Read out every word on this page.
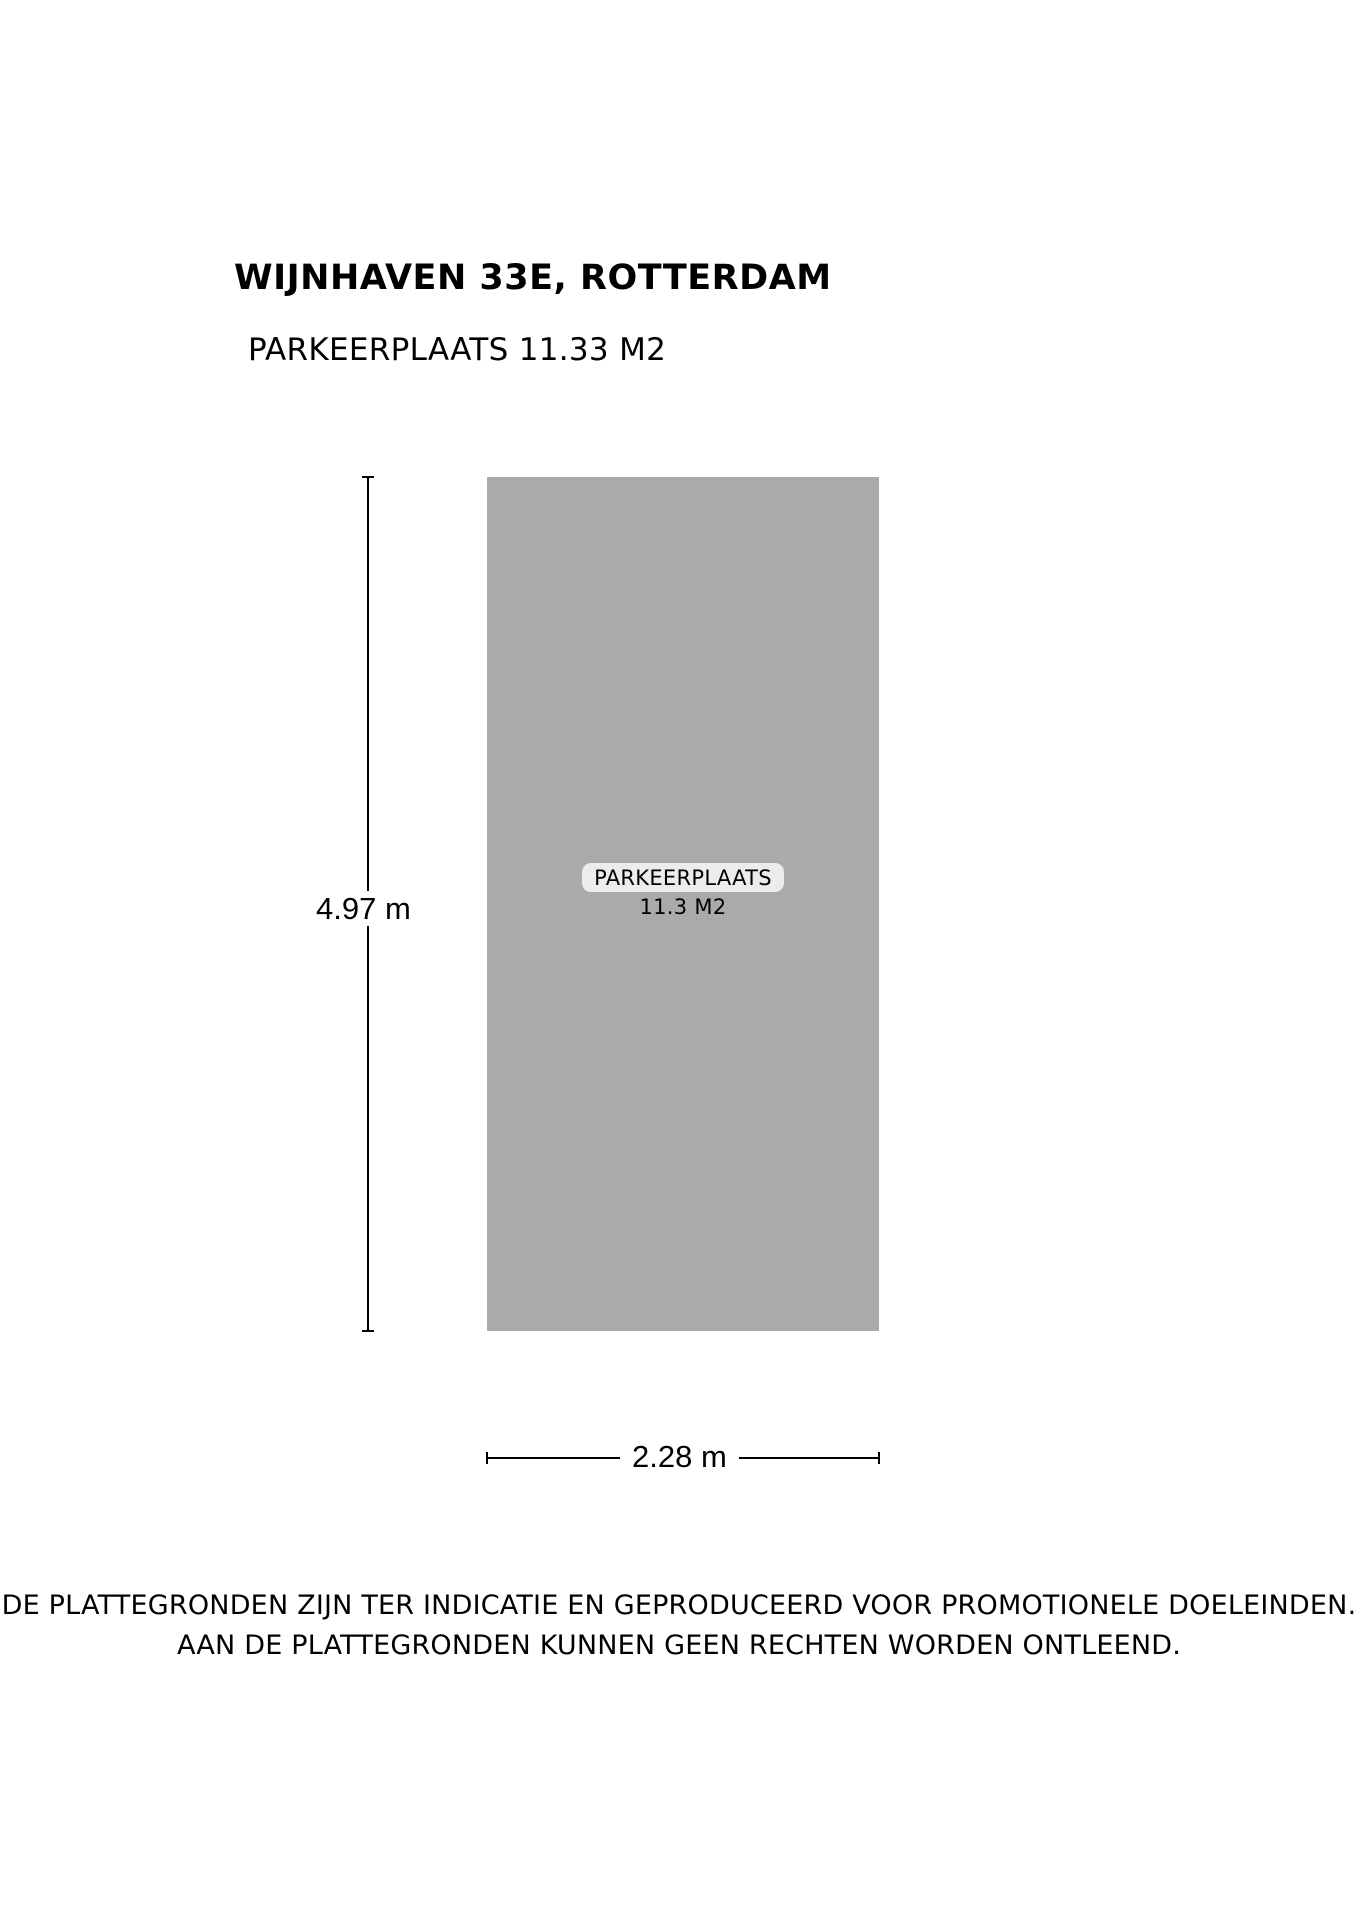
WIJNHAVEN 33E, ROTTERDAM
PARKEERPLAATS 11.33 M2
PARKEERPLAATS
11.3 M2
4.97 m
2.28 m
DE PLATTEGRONDEN ZIJN TER INDICATIE EN GEPRODUCEERD VOOR PROMOTIONELE DOELEINDEN.
AAN DE PLATTEGRONDEN KUNNEN GEEN RECHTEN WORDEN ONTLEEND.
